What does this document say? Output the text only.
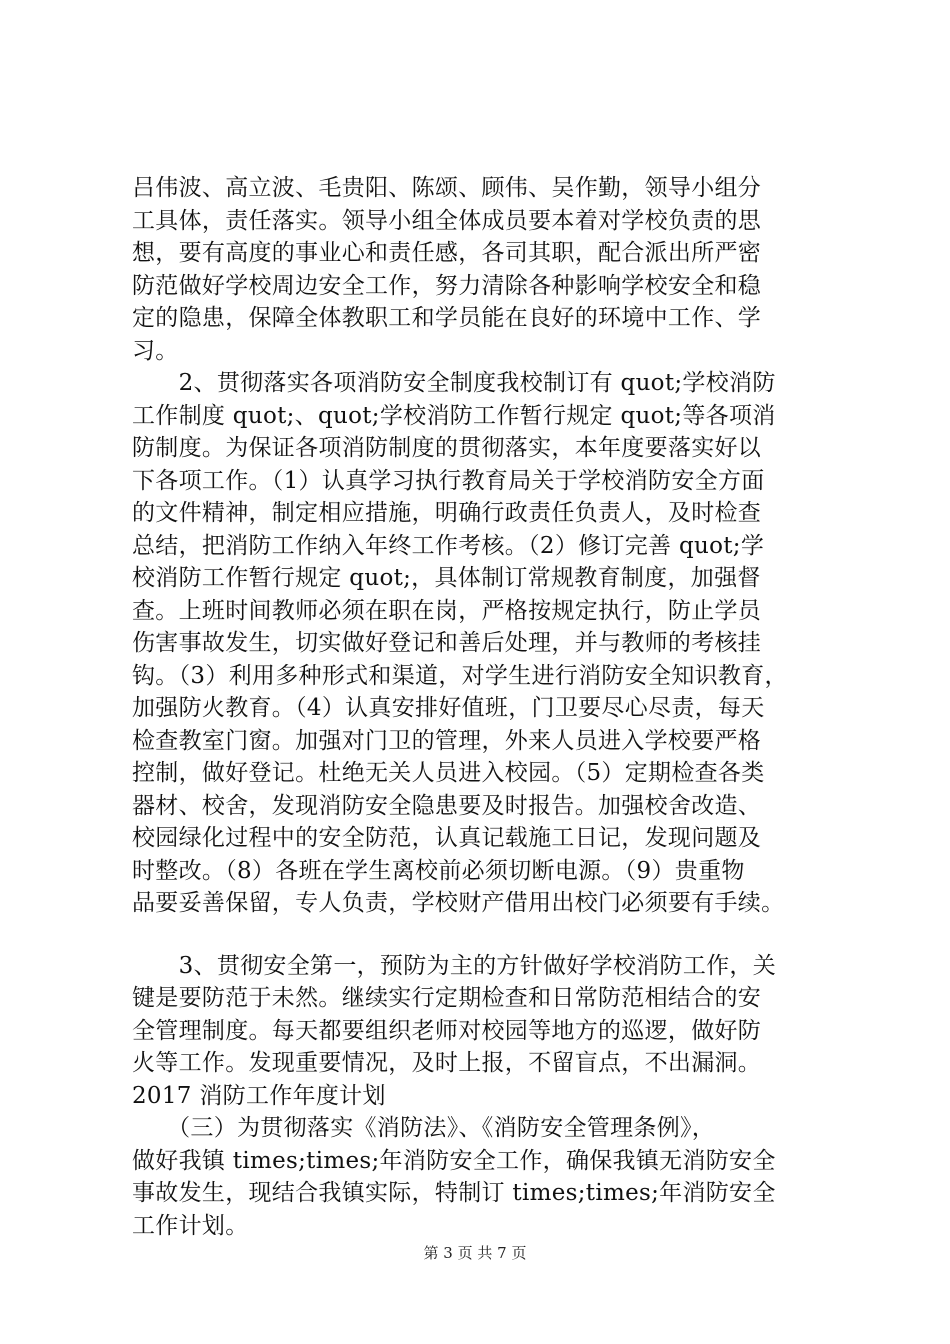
吕伟波、高立波、毛贵阳、陈颂、顾伟、吴作勤，领导小组分
工具体，责任落实。领导小组全体成员要本着对学校负责的思
想，要有高度的事业心和责任感，各司其职，配合派出所严密
防范做好学校周边安全工作，努力清除各种影响学校安全和稳
定的隐患，保障全体教职工和学员能在良好的环境中工作、学
习。
　　2、贯彻落实各项消防安全制度我校制订有 quot;学校消防
工作制度 quot;、quot;学校消防工作暂行规定 quot;等各项消
防制度。为保证各项消防制度的贯彻落实，本年度要落实好以
下各项工作。（1）认真学习执行教育局关于学校消防安全方面
的文件精神，制定相应措施，明确行政责任负责人，及时检查
总结，把消防工作纳入年终工作考核。（2）修订完善 quot;学
校消防工作暂行规定 quot;，具体制订常规教育制度，加强督
查。上班时间教师必须在职在岗，严格按规定执行，防止学员
伤害事故发生，切实做好登记和善后处理，并与教师的考核挂
钩。（3）利用多种形式和渠道，对学生进行消防安全知识教育，
加强防火教育。（4）认真安排好值班，门卫要尽心尽责，每天
检查教室门窗。加强对门卫的管理，外来人员进入学校要严格
控制，做好登记。杜绝无关人员进入校园。（5）定期检查各类
器材、校舍，发现消防安全隐患要及时报告。加强校舍改造、
校园绿化过程中的安全防范，认真记载施工日记，发现问题及
时整改。（8）各班在学生离校前必须切断电源。（9）贵重物
品要妥善保留，专人负责，学校财产借用出校门必须要有手续。
　　3、贯彻安全第一，预防为主的方针做好学校消防工作，关
键是要防范于未然。继续实行定期检查和日常防范相结合的安
全管理制度。每天都要组织老师对校园等地方的巡逻，做好防
火等工作。发现重要情况，及时上报，不留盲点，不出漏洞。
2017 消防工作年度计划
　　（三）为贯彻落实《消防法》、《消防安全管理条例》，
做好我镇 times;times;年消防安全工作，确保我镇无消防安全
事故发生，现结合我镇实际，特制订 times;times;年消防安全
工作计划。
第 3 页 共 7 页
